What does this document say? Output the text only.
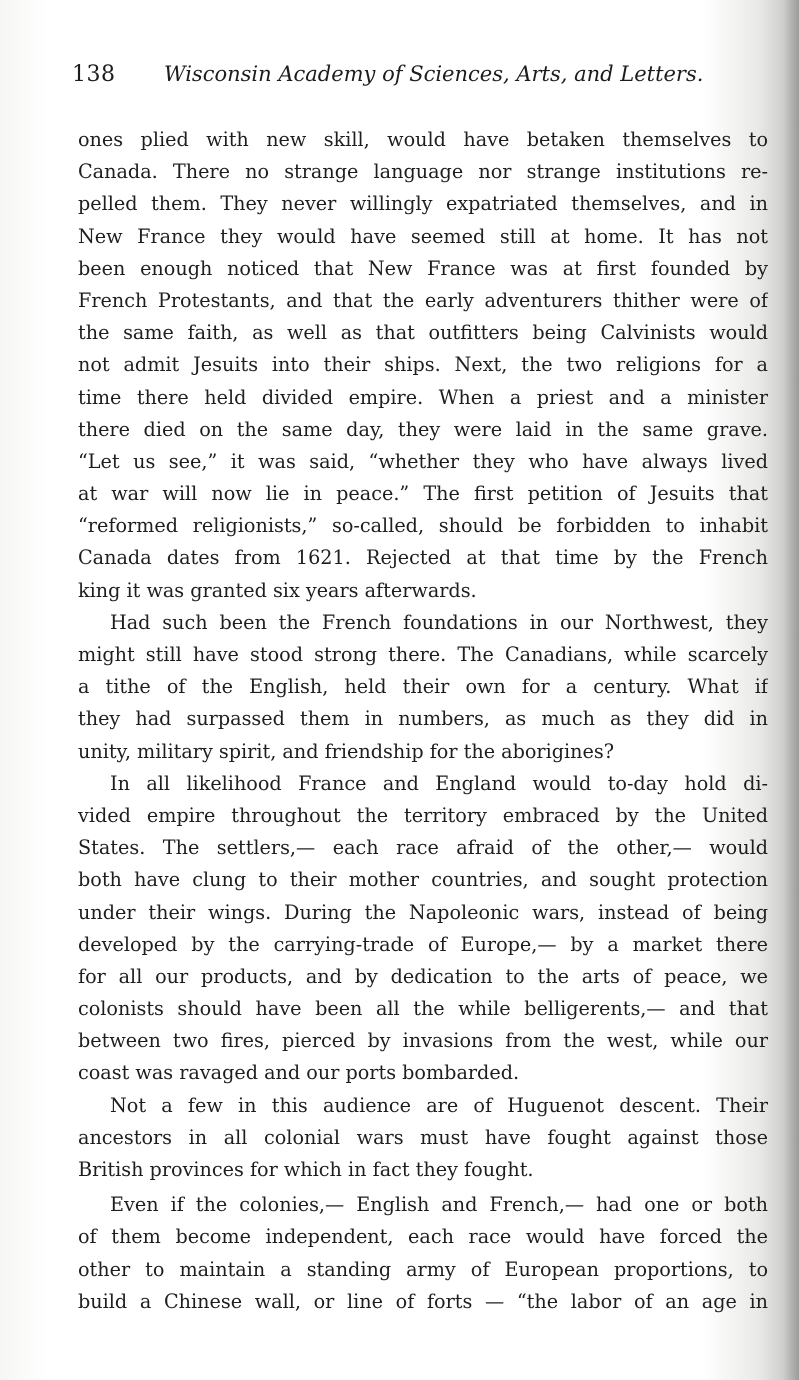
138 Wisconsin Academy of Sciences, Arts, and Letters.
ones plied with new skill, would have betaken themselves to
Canada. There no strange language nor strange institutions re-
pelled them. They never willingly expatriated themselves, and in
New France they would have seemed still at home. It has not
been enough noticed that New France was at first founded by
French Protestants, and that the early adventurers thither were of
the same faith, as well as that outfitters being Calvinists would
not admit Jesuits into their ships. Next, the two religions for a
time there held divided empire. When a priest and a minister
there died on the same day, they were laid in the same grave.
“Let us see,” it was said, “whether they who have always lived
at war will now lie in peace.” The first petition of Jesuits that
“reformed religionists,” so-called, should be forbidden to inhabit
Canada dates from 1621. Rejected at that time by the French
king it was granted six years afterwards.
Had such been the French foundations in our Northwest, they
might still have stood strong there. The Canadians, while scarcely
a tithe of the English, held their own for a century. What if
they had surpassed them in numbers, as much as they did in
unity, military spirit, and friendship for the aborigines?
In all likelihood France and England would to-day hold di-
vided empire throughout the territory embraced by the United
States. The settlers,— each race afraid of the other,— would
both have clung to their mother countries, and sought protection
under their wings. During the Napoleonic wars, instead of being
developed by the carrying-trade of Europe,— by a market there
for all our products, and by dedication to the arts of peace, we
colonists should have been all the while belligerents,— and that
between two fires, pierced by invasions from the west, while our
coast was ravaged and our ports bombarded.
Not a few in this audience are of Huguenot descent. Their
ancestors in all colonial wars must have fought against those
British provinces for which in fact they fought.
Even if the colonies,— English and French,— had one or both
of them become independent, each race would have forced the
other to maintain a standing army of European proportions, to
build a Chinese wall, or line of forts — “the labor of an age in
